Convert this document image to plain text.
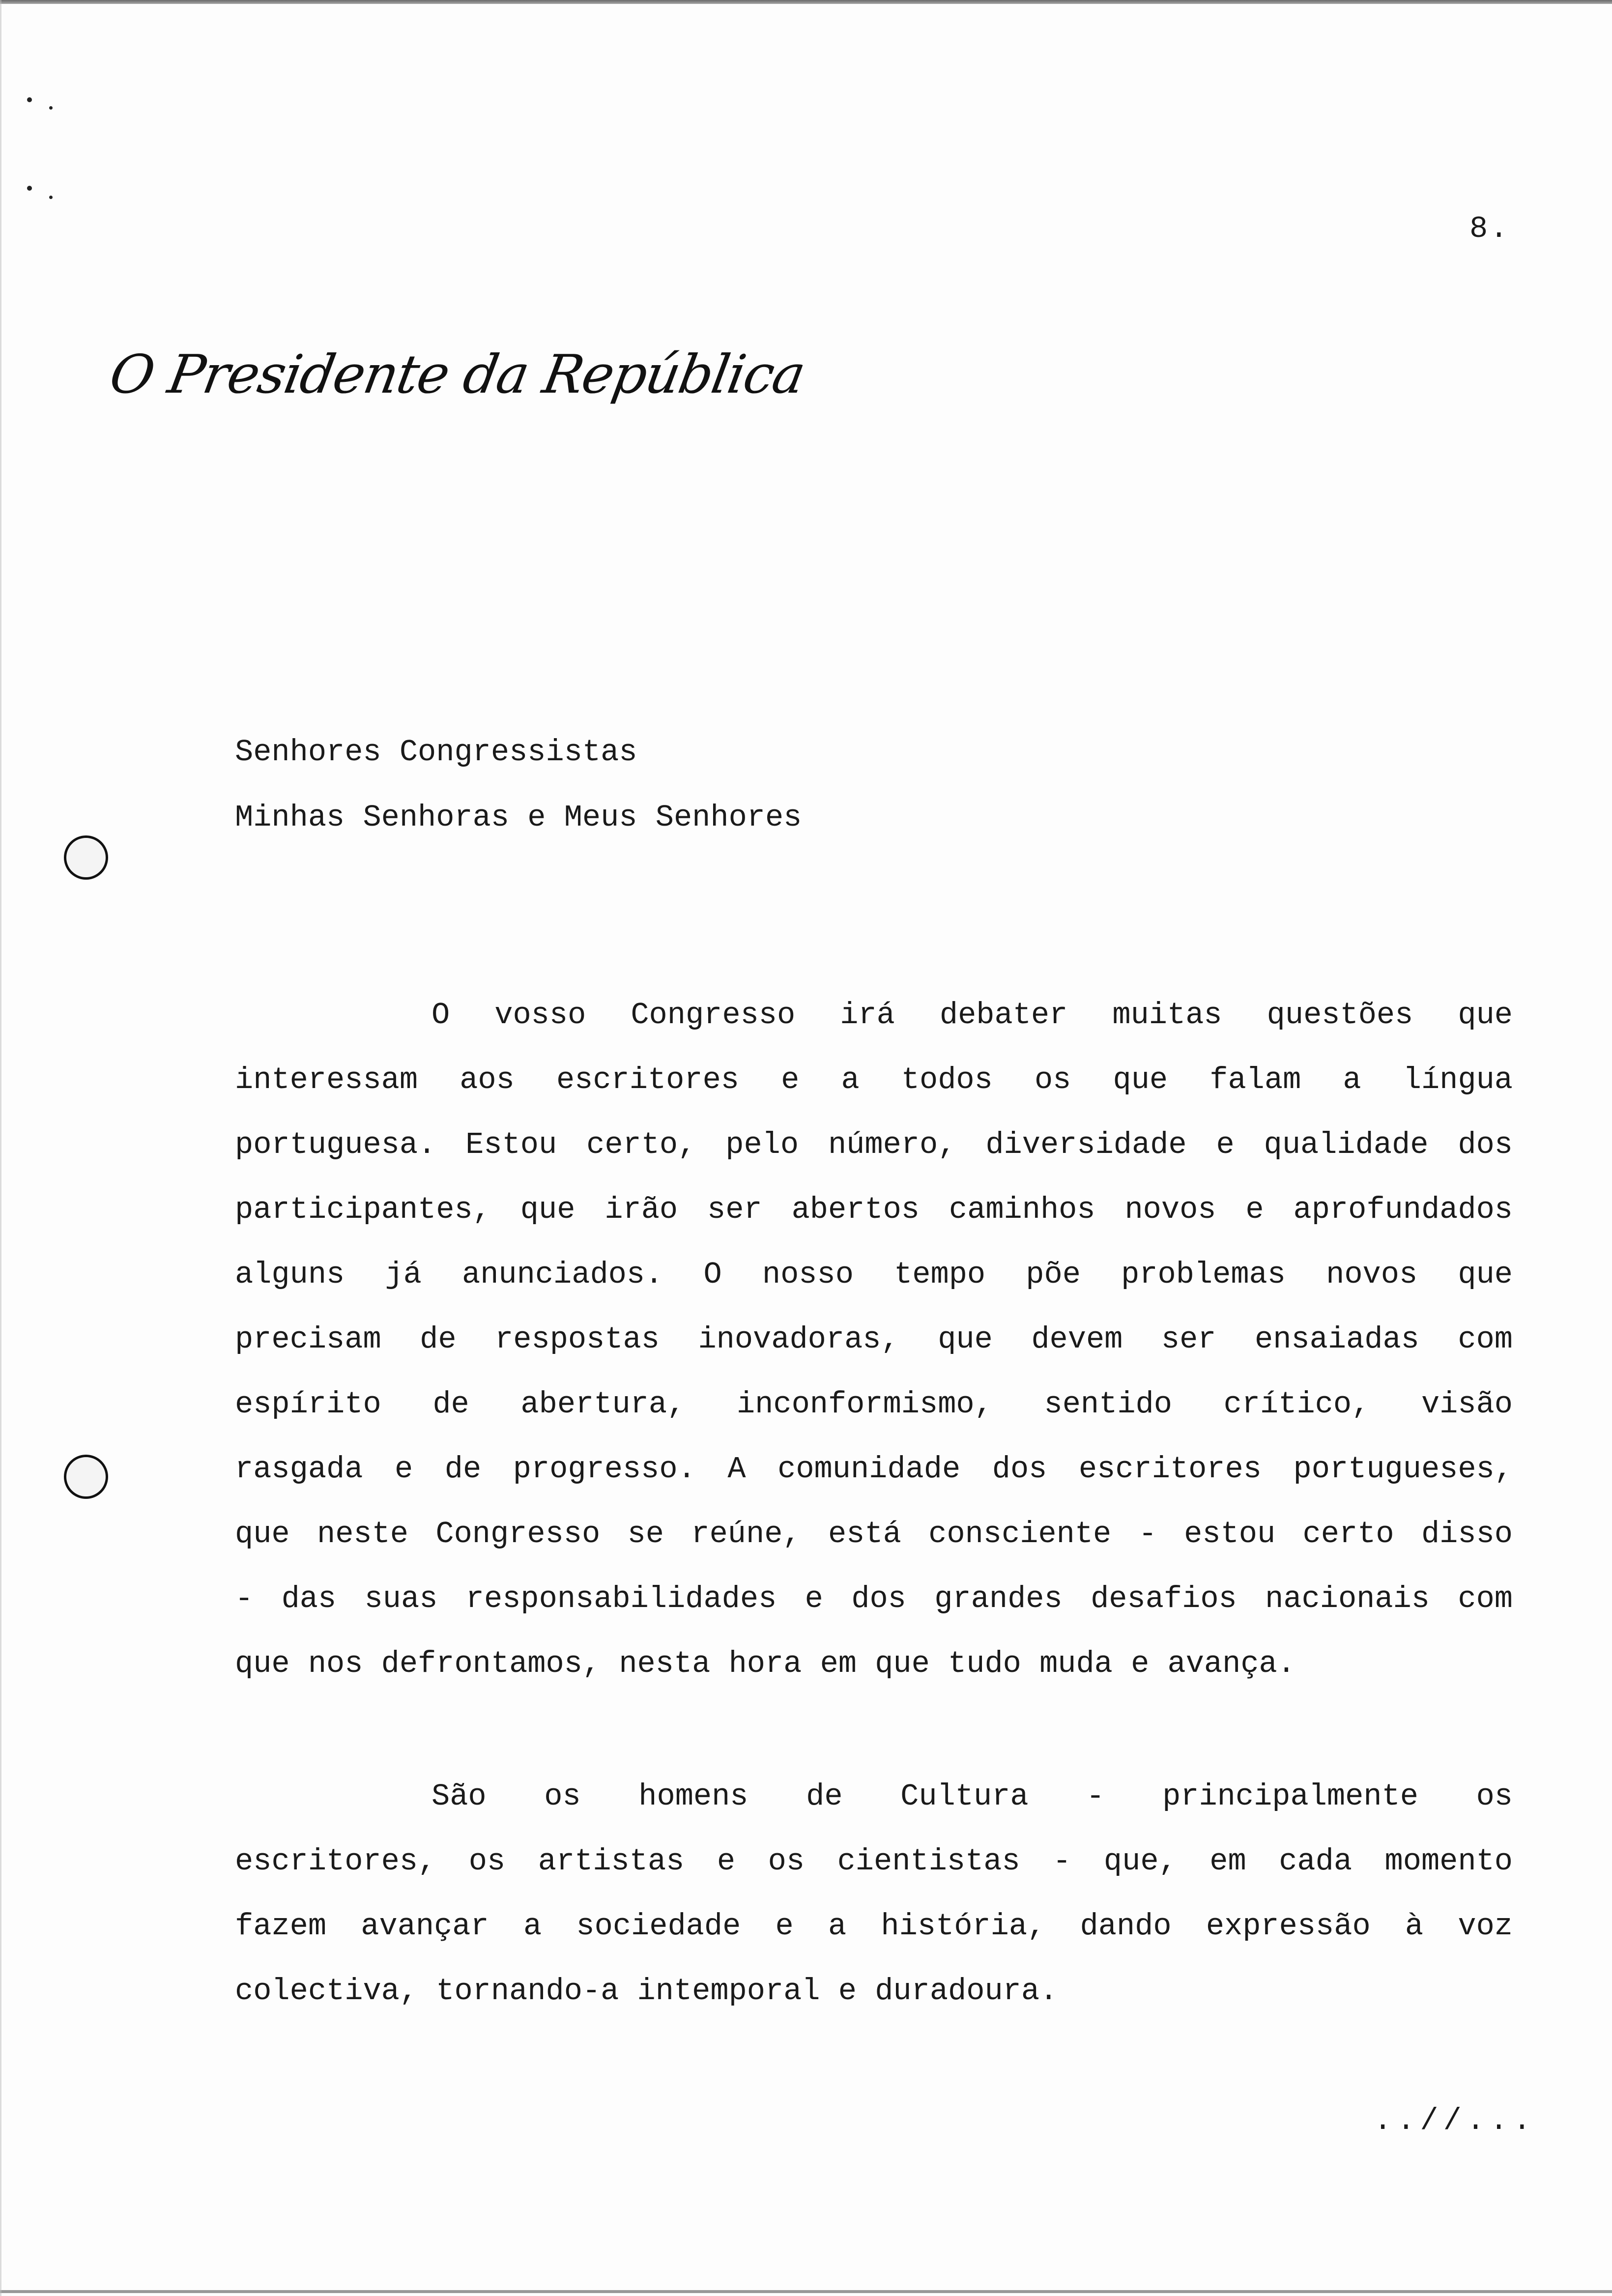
8.
O Presidente da República
Senhores Congressistas
Minhas Senhoras e Meus Senhores
O vosso Congresso irá debater muitas questões que
interessam aos escritores e a todos os que falam a língua
portuguesa. Estou certo, pelo número, diversidade e qualidade dos
participantes, que irão ser abertos caminhos novos e aprofundados
alguns já anunciados. O nosso tempo põe problemas novos que
precisam de respostas inovadoras, que devem ser ensaiadas com
espírito de abertura, inconformismo, sentido crítico, visão
rasgada e de progresso. A comunidade dos escritores portugueses,
que neste Congresso se reúne, está consciente - estou certo disso
- das suas responsabilidades e dos grandes desafios nacionais com
que nos defrontamos, nesta hora em que tudo muda e avança.
São os homens de Cultura - principalmente os
escritores, os artistas e os cientistas - que, em cada momento
fazem avançar a sociedade e a história, dando expressão à voz
colectiva, tornando-a intemporal e duradoura.
..//...
